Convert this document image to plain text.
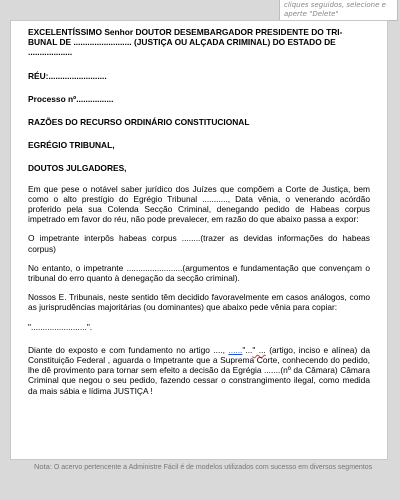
cliques seguidos, selecione e
aperte "Delete"

EXCELENTÍSSIMO Senhor DOUTOR DESEMBARGADOR PRESIDENTE DO TRI-
BUNAL DE ......................... (JUSTIÇA OU ALÇADA CRIMINAL) DO ESTADO DE
...................

RÉU:.........................

Processo nº................

RAZÕES DO RECURSO ORDINÁRIO CONSTITUCIONAL

EGRÉGIO TRIBUNAL,

DOUTOS JULGADORES,

Em que pese o notável saber jurídico dos Juízes que compõem a Corte de Justiça, bem como o alto prestígio do Egrégio Tribunal ..........., Data vênia, o venerando acórdão proferido pela sua Colenda Secção Criminal, denegando pedido de Habeas corpus impetrado em favor do réu, não pode prevalecer, em razão do que abaixo passa a expor:

O impetrante interpôs habeas corpus ........(trazer as devidas informações do habeas corpus)

No entanto, o impetrante ........................(argumentos e fundamentação que convençam o tribunal do erro quanto à denegação da secção criminal).

Nossos E. Tribunais, neste sentido têm decidido favoravelmente em casos análogos, como as jurisprudências majoritárias (ou dominantes) que abaixo pede vênia para copiar:

"........................".

Diante do exposto e com fundamento no artigo ...., ......"..." ... (artigo, inciso e alínea) da Constituição Federal , aguarda o Impetrante que a Suprema Corte, conhecendo do pedido, lhe dê provimento para tornar sem efeito a decisão da Egrégia .......(nº da Câmara) Câmara Criminal que negou o seu pedido, fazendo cessar o constrangimento ilegal, como medida da mais sábia e lídima JUSTIÇA !

Nota: O acervo pertencente a Administre Fácil é de modelos utilizados com sucesso em diversos segmentos
